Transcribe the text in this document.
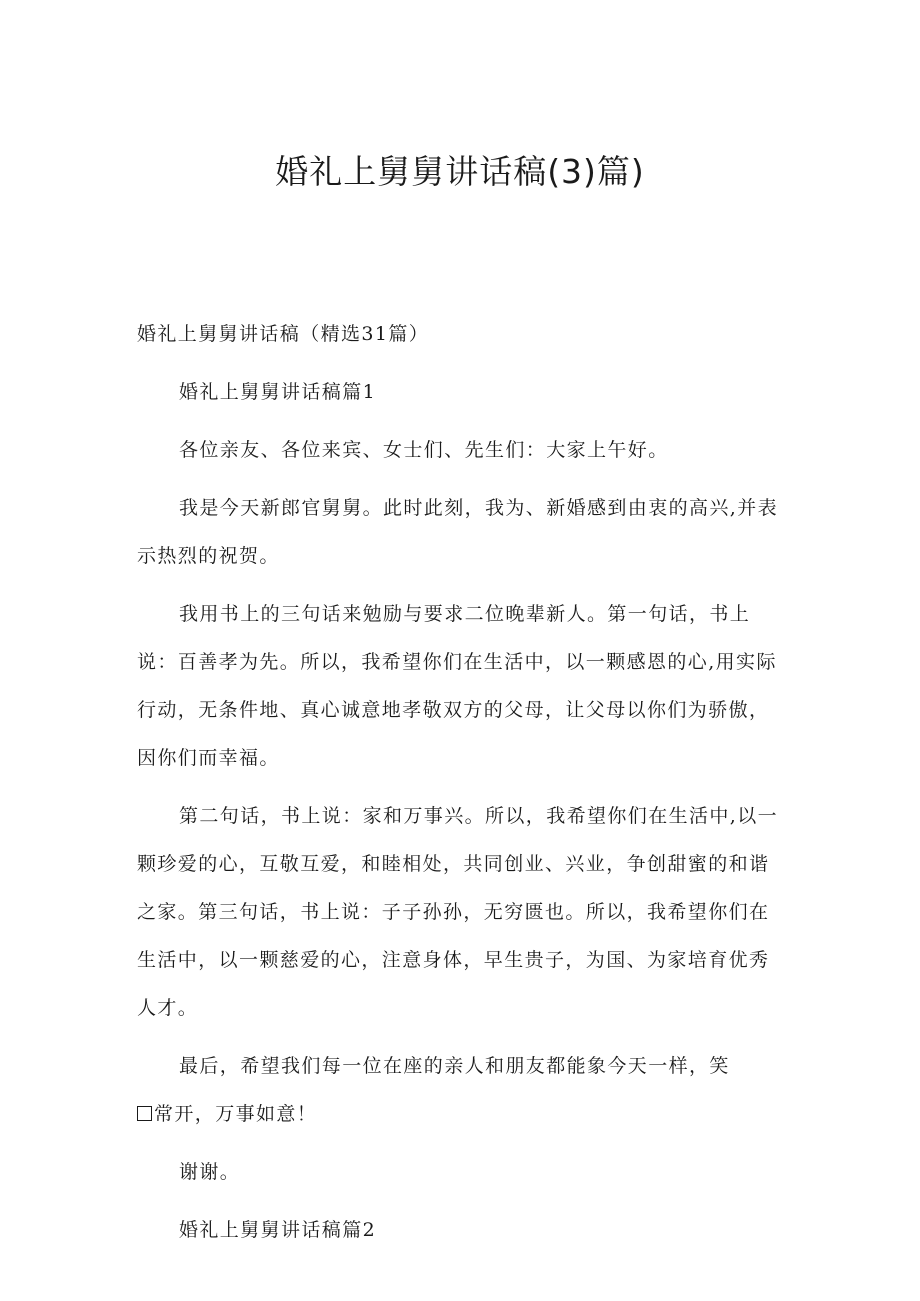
婚礼上舅舅讲话稿(3)篇)

婚礼上舅舅讲话稿（精选31篇）

婚礼上舅舅讲话稿篇1

各位亲友、各位来宾、女士们、先生们：大家上午好。

我是今天新郎官舅舅。此时此刻，我为、新婚感到由衷的高兴,并表示热烈的祝贺。

我用书上的三句话来勉励与要求二位晚辈新人。第一句话，书上说：百善孝为先。所以，我希望你们在生活中，以一颗感恩的心,用实际行动，无条件地、真心诚意地孝敬双方的父母，让父母以你们为骄傲，因你们而幸福。

第二句话，书上说：家和万事兴。所以，我希望你们在生活中,以一颗珍爱的心，互敬互爱，和睦相处，共同创业、兴业，争创甜蜜的和谐之家。第三句话，书上说：子子孙孙，无穷匮也。所以，我希望你们在生活中，以一颗慈爱的心，注意身体，早生贵子，为国、为家培育优秀人才。

最后，希望我们每一位在座的亲人和朋友都能象今天一样，笑

常开，万事如意！

谢谢。

婚礼上舅舅讲话稿篇2
